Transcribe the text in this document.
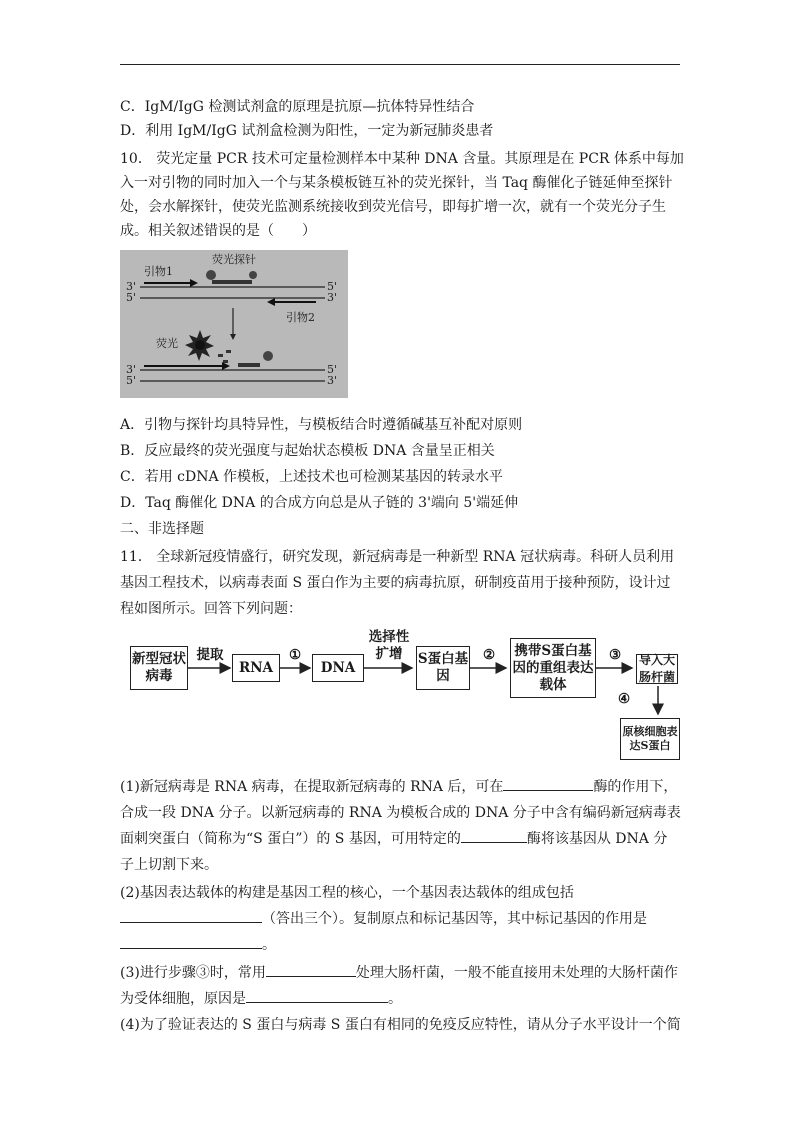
C．IgM/IgG 检测试剂盒的原理是抗原—抗体特异性结合
D．利用 IgM/IgG 试剂盒检测为阳性，一定为新冠肺炎患者
10． 荧光定量 PCR 技术可定量检测样本中某种 DNA 含量。其原理是在 PCR 体系中每加
入一对引物的同时加入一个与某条模板链互补的荧光探针，当 Taq 酶催化子链延伸至探针
处，会水解探针，使荧光监测系统接收到荧光信号，即每扩增一次，就有一个荧光分子生
成。相关叙述错误的是（　　）
引物1
荧光探针
引物2
荧光
3'	5'
5'	3'
3'	5'
5'	3'
A．引物与探针均具特异性，与模板结合时遵循碱基互补配对原则
B．反应最终的荧光强度与起始状态模板 DNA 含量呈正相关
C．若用 cDNA 作模板，上述技术也可检测某基因的转录水平
D．Taq 酶催化 DNA 的合成方向总是从子链的 3'端向 5'端延伸
二、非选择题
11． 全球新冠疫情盛行，研究发现，新冠病毒是一种新型 RNA 冠状病毒。科研人员利用
基因工程技术，以病毒表面 S 蛋白作为主要的病毒抗原，研制疫苗用于接种预防，设计过
程如图所示。回答下列问题：
新型冠状病毒
提取
RNA
①
DNA
选择性
扩增	S蛋白基因
②	携带S蛋白基因的重组表达载体
③	导入大肠杆菌
(1)新冠病毒是 RNA 病毒，在提取新冠病毒的 RNA 后，可在	酶的作用下，
合成一段 DNA 分子。以新冠病毒的 RNA 为模板合成的 DNA 分子中含有编码新冠病毒表
面刺突蛋白（简称为“S 蛋白”）的 S 基因，可用特定的	酶将该基因从 DNA 分
子上切割下来。
(2)基因表达载体的构建是基因工程的核心，一个基因表达载体的组成包括
（答出三个）。复制原点和标记基因等，其中标记基因的作用是
。
(3)进行步骤③时，常用	处理大肠杆菌，一般不能直接用未处理的大肠杆菌作
为受体细胞，原因是	。
(4)为了验证表达的 S 蛋白与病毒 S 蛋白有相同的免疫反应特性，请从分子水平设计一个简
④
原核细胞表达S蛋白
